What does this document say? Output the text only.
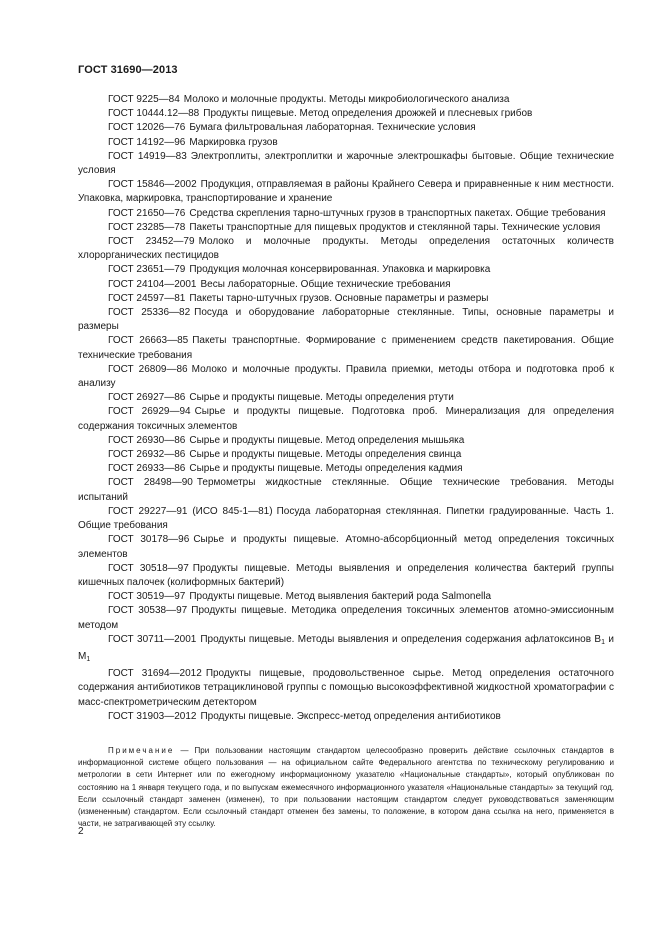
ГОСТ 31690—2013

ГОСТ 9225—84 Молоко и молочные продукты. Методы микробиологического анализа

ГОСТ 10444.12—88 Продукты пищевые. Метод определения дрожжей и плесневых грибов

ГОСТ 12026—76 Бумага фильтровальная лабораторная. Технические условия

ГОСТ 14192—96 Маркировка грузов

ГОСТ 14919—83 Электроплиты, электроплитки и жарочные электрошкафы бытовые. Общие технические условия

ГОСТ 15846—2002 Продукция, отправляемая в районы Крайнего Севера и приравненные к ним местности. Упаковка, маркировка, транспортирование и хранение

ГОСТ 21650—76 Средства скрепления тарно-штучных грузов в транспортных пакетах. Общие требования

ГОСТ 23285—78 Пакеты транспортные для пищевых продуктов и стеклянной тары. Технические условия

ГОСТ 23452—79 Молоко и молочные продукты. Методы определения остаточных количеств хлорорганических пестицидов

ГОСТ 23651—79 Продукция молочная консервированная. Упаковка и маркировка

ГОСТ 24104—2001 Весы лабораторные. Общие технические требования

ГОСТ 24597—81 Пакеты тарно-штучных грузов. Основные параметры и размеры

ГОСТ 25336—82 Посуда и оборудование лабораторные стеклянные. Типы, основные параметры и размеры

ГОСТ 26663—85 Пакеты транспортные. Формирование с применением средств пакетирования. Общие технические требования

ГОСТ 26809—86 Молоко и молочные продукты. Правила приемки, методы отбора и подготовка проб к анализу

ГОСТ 26927—86 Сырье и продукты пищевые. Методы определения ртути

ГОСТ 26929—94 Сырье и продукты пищевые. Подготовка проб. Минерализация для определения содержания токсичных элементов

ГОСТ 26930—86 Сырье и продукты пищевые. Метод определения мышьяка

ГОСТ 26932—86 Сырье и продукты пищевые. Методы определения свинца

ГОСТ 26933—86 Сырье и продукты пищевые. Методы определения кадмия

ГОСТ 28498—90 Термометры жидкостные стеклянные. Общие технические требования. Методы испытаний

ГОСТ 29227—91 (ИСО 845-1—81) Посуда лабораторная стеклянная. Пипетки градуированные. Часть 1. Общие требования

ГОСТ 30178—96 Сырье и продукты пищевые. Атомно-абсорбционный метод определения токсичных элементов

ГОСТ 30518—97 Продукты пищевые. Методы выявления и определения количества бактерий группы кишечных палочек (колиформных бактерий)

ГОСТ 30519—97 Продукты пищевые. Метод выявления бактерий рода Salmonella

ГОСТ 30538—97 Продукты пищевые. Методика определения токсичных элементов атомно-эмиссионным методом

ГОСТ 30711—2001 Продукты пищевые. Методы выявления и определения содержания афлатоксинов $B_1$ и $M_1$

ГОСТ 31694—2012 Продукты пищевые, продовольственное сырье. Метод определения остаточного содержания антибиотиков тетрациклиновой группы с помощью высокоэффективной жидкостной хроматографии с масс-спектрометрическим детектором

ГОСТ 31903—2012 Продукты пищевые. Экспресс-метод определения антибиотиков

Примечание — При пользовании настоящим стандартом целесообразно проверить действие ссылочных стандартов в информационной системе общего пользования — на официальном сайте Федерального агентства по техническому регулированию и метрологии в сети Интернет или по ежегодному информационному указателю «Национальные стандарты», который опубликован по состоянию на 1 января текущего года, и по выпускам ежемесячного информационного указателя «Национальные стандарты» за текущий год. Если ссылочный стандарт заменен (изменен), то при пользовании настоящим стандартом следует руководствоваться заменяющим (измененным) стандартом. Если ссылочный стандарт отменен без замены, то положение, в котором дана ссылка на него, применяется в части, не затрагивающей эту ссылку.
2
